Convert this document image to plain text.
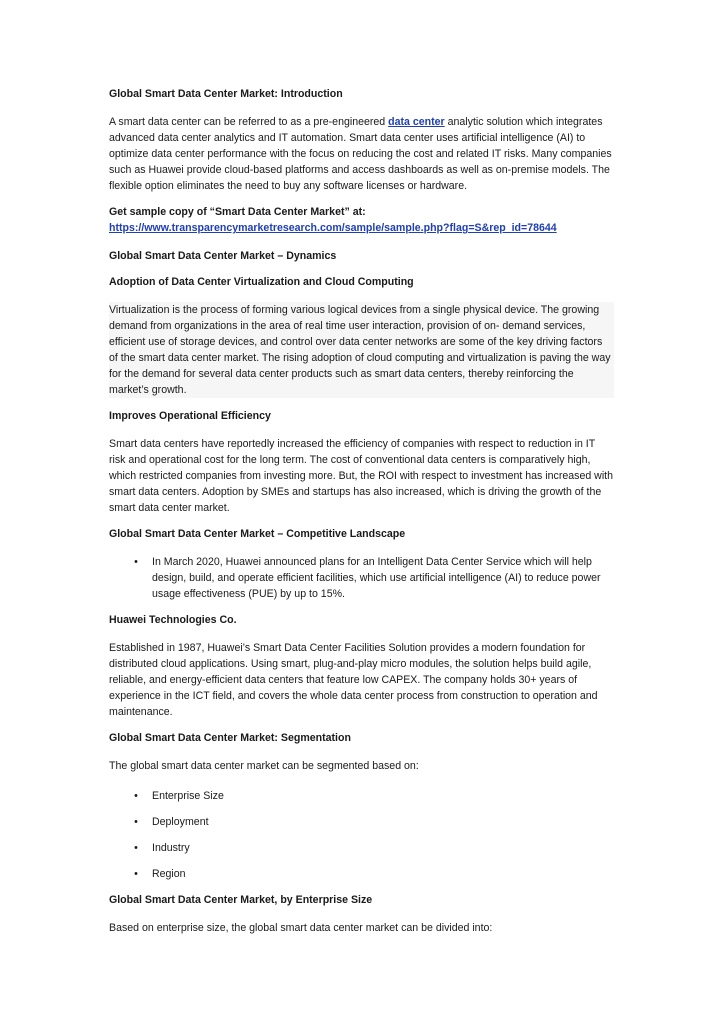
Global Smart Data Center Market: Introduction

A smart data center can be referred to as a pre-engineered data center analytic solution which integrates advanced data center analytics and IT automation. Smart data center uses artificial intelligence (AI) to optimize data center performance with the focus on reducing the cost and related IT risks. Many companies such as Huawei provide cloud-based platforms and access dashboards as well as on-premise models. The flexible option eliminates the need to buy any software licenses or hardware.

Get sample copy of “Smart Data Center Market” at:
https://www.transparencymarketresearch.com/sample/sample.php?flag=S&rep_id=78644

Global Smart Data Center Market – Dynamics

Adoption of Data Center Virtualization and Cloud Computing

Virtualization is the process of forming various logical devices from a single physical device. The growing demand from organizations in the area of real time user interaction, provision of on- demand services, efficient use of storage devices, and control over data center networks are some of the key driving factors of the smart data center market. The rising adoption of cloud computing and virtualization is paving the way for the demand for several data center products such as smart data centers, thereby reinforcing the market’s growth.

Improves Operational Efficiency

Smart data centers have reportedly increased the efficiency of companies with respect to reduction in IT risk and operational cost for the long term. The cost of conventional data centers is comparatively high, which restricted companies from investing more. But, the ROI with respect to investment has increased with smart data centers. Adoption by SMEs and startups has also increased, which is driving the growth of the smart data center market.

Global Smart Data Center Market – Competitive Landscape

• In March 2020, Huawei announced plans for an Intelligent Data Center Service which will help design, build, and operate efficient facilities, which use artificial intelligence (AI) to reduce power usage effectiveness (PUE) by up to 15%.

Huawei Technologies Co.

Established in 1987, Huawei’s Smart Data Center Facilities Solution provides a modern foundation for distributed cloud applications. Using smart, plug-and-play micro modules, the solution helps build agile, reliable, and energy-efficient data centers that feature low CAPEX. The company holds 30+ years of experience in the ICT field, and covers the whole data center process from construction to operation and maintenance.

Global Smart Data Center Market: Segmentation

The global smart data center market can be segmented based on:

• Enterprise Size
• Deployment
• Industry
• Region

Global Smart Data Center Market, by Enterprise Size

Based on enterprise size, the global smart data center market can be divided into:
